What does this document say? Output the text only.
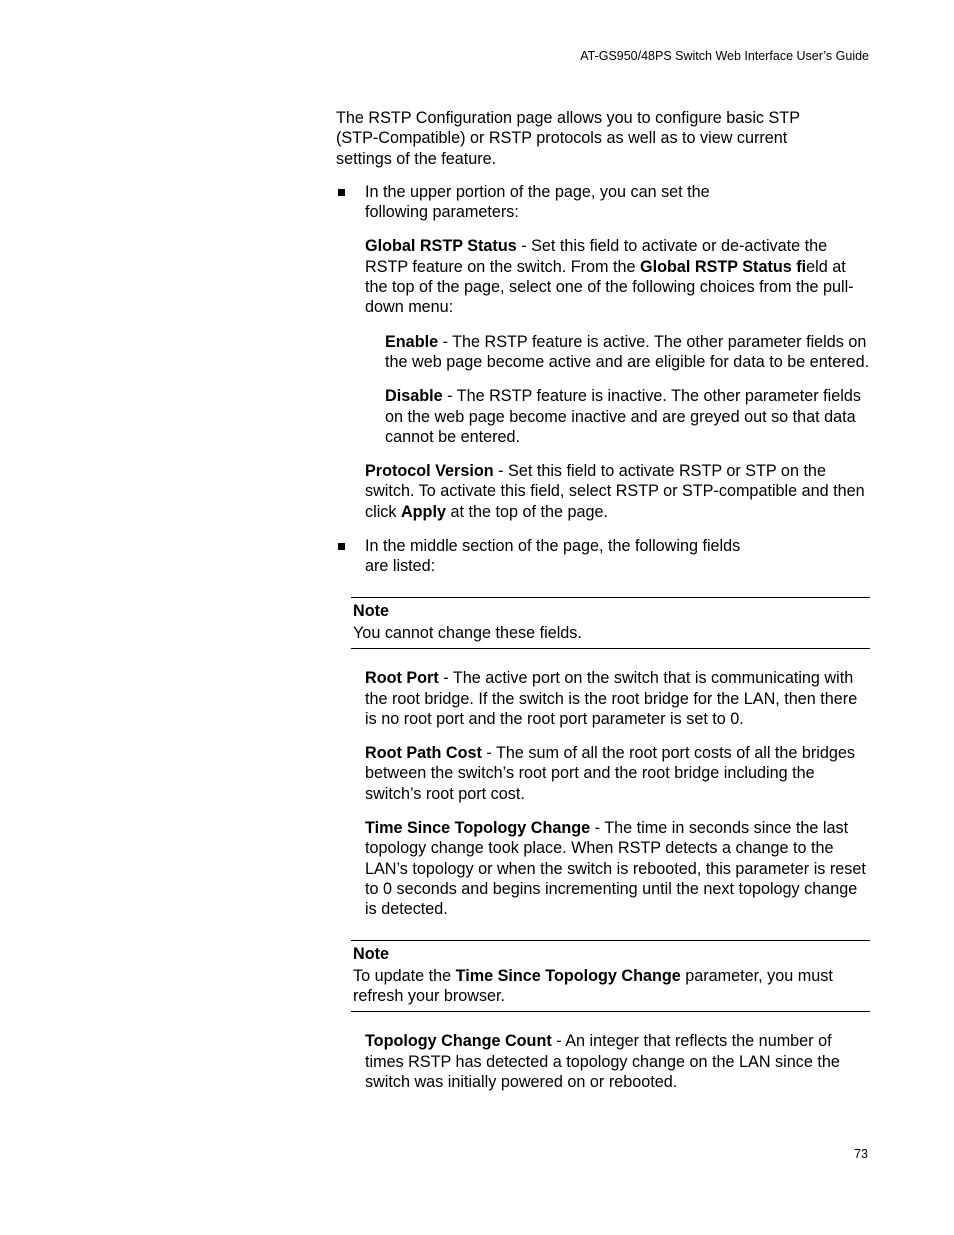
AT-GS950/48PS Switch Web Interface User’s Guide

The RSTP Configuration page allows you to configure basic STP (STP-Compatible) or RSTP protocols as well as to view current settings of the feature.

In the upper portion of the page, you can set the following parameters:

Global RSTP Status - Set this field to activate or de-activate the RSTP feature on the switch. From the Global RSTP Status field at the top of the page, select one of the following choices from the pull-down menu:

Enable - The RSTP feature is active. The other parameter fields on the web page become active and are eligible for data to be entered.

Disable - The RSTP feature is inactive. The other parameter fields on the web page become inactive and are greyed out so that data cannot be entered.

Protocol Version - Set this field to activate RSTP or STP on the switch. To activate this field, select RSTP or STP-compatible and then click Apply at the top of the page.

In the middle section of the page, the following fields are listed:
Note
You cannot change these fields.

Root Port - The active port on the switch that is communicating with the root bridge. If the switch is the root bridge for the LAN, then there is no root port and the root port parameter is set to 0.

Root Path Cost - The sum of all the root port costs of all the bridges between the switch’s root port and the root bridge including the switch’s root port cost.

Time Since Topology Change - The time in seconds since the last topology change took place. When RSTP detects a change to the LAN’s topology or when the switch is rebooted, this parameter is reset to 0 seconds and begins incrementing until the next topology change is detected.

Note
To update the Time Since Topology Change parameter, you must refresh your browser.

Topology Change Count - An integer that reflects the number of times RSTP has detected a topology change on the LAN since the switch was initially powered on or rebooted.

73
